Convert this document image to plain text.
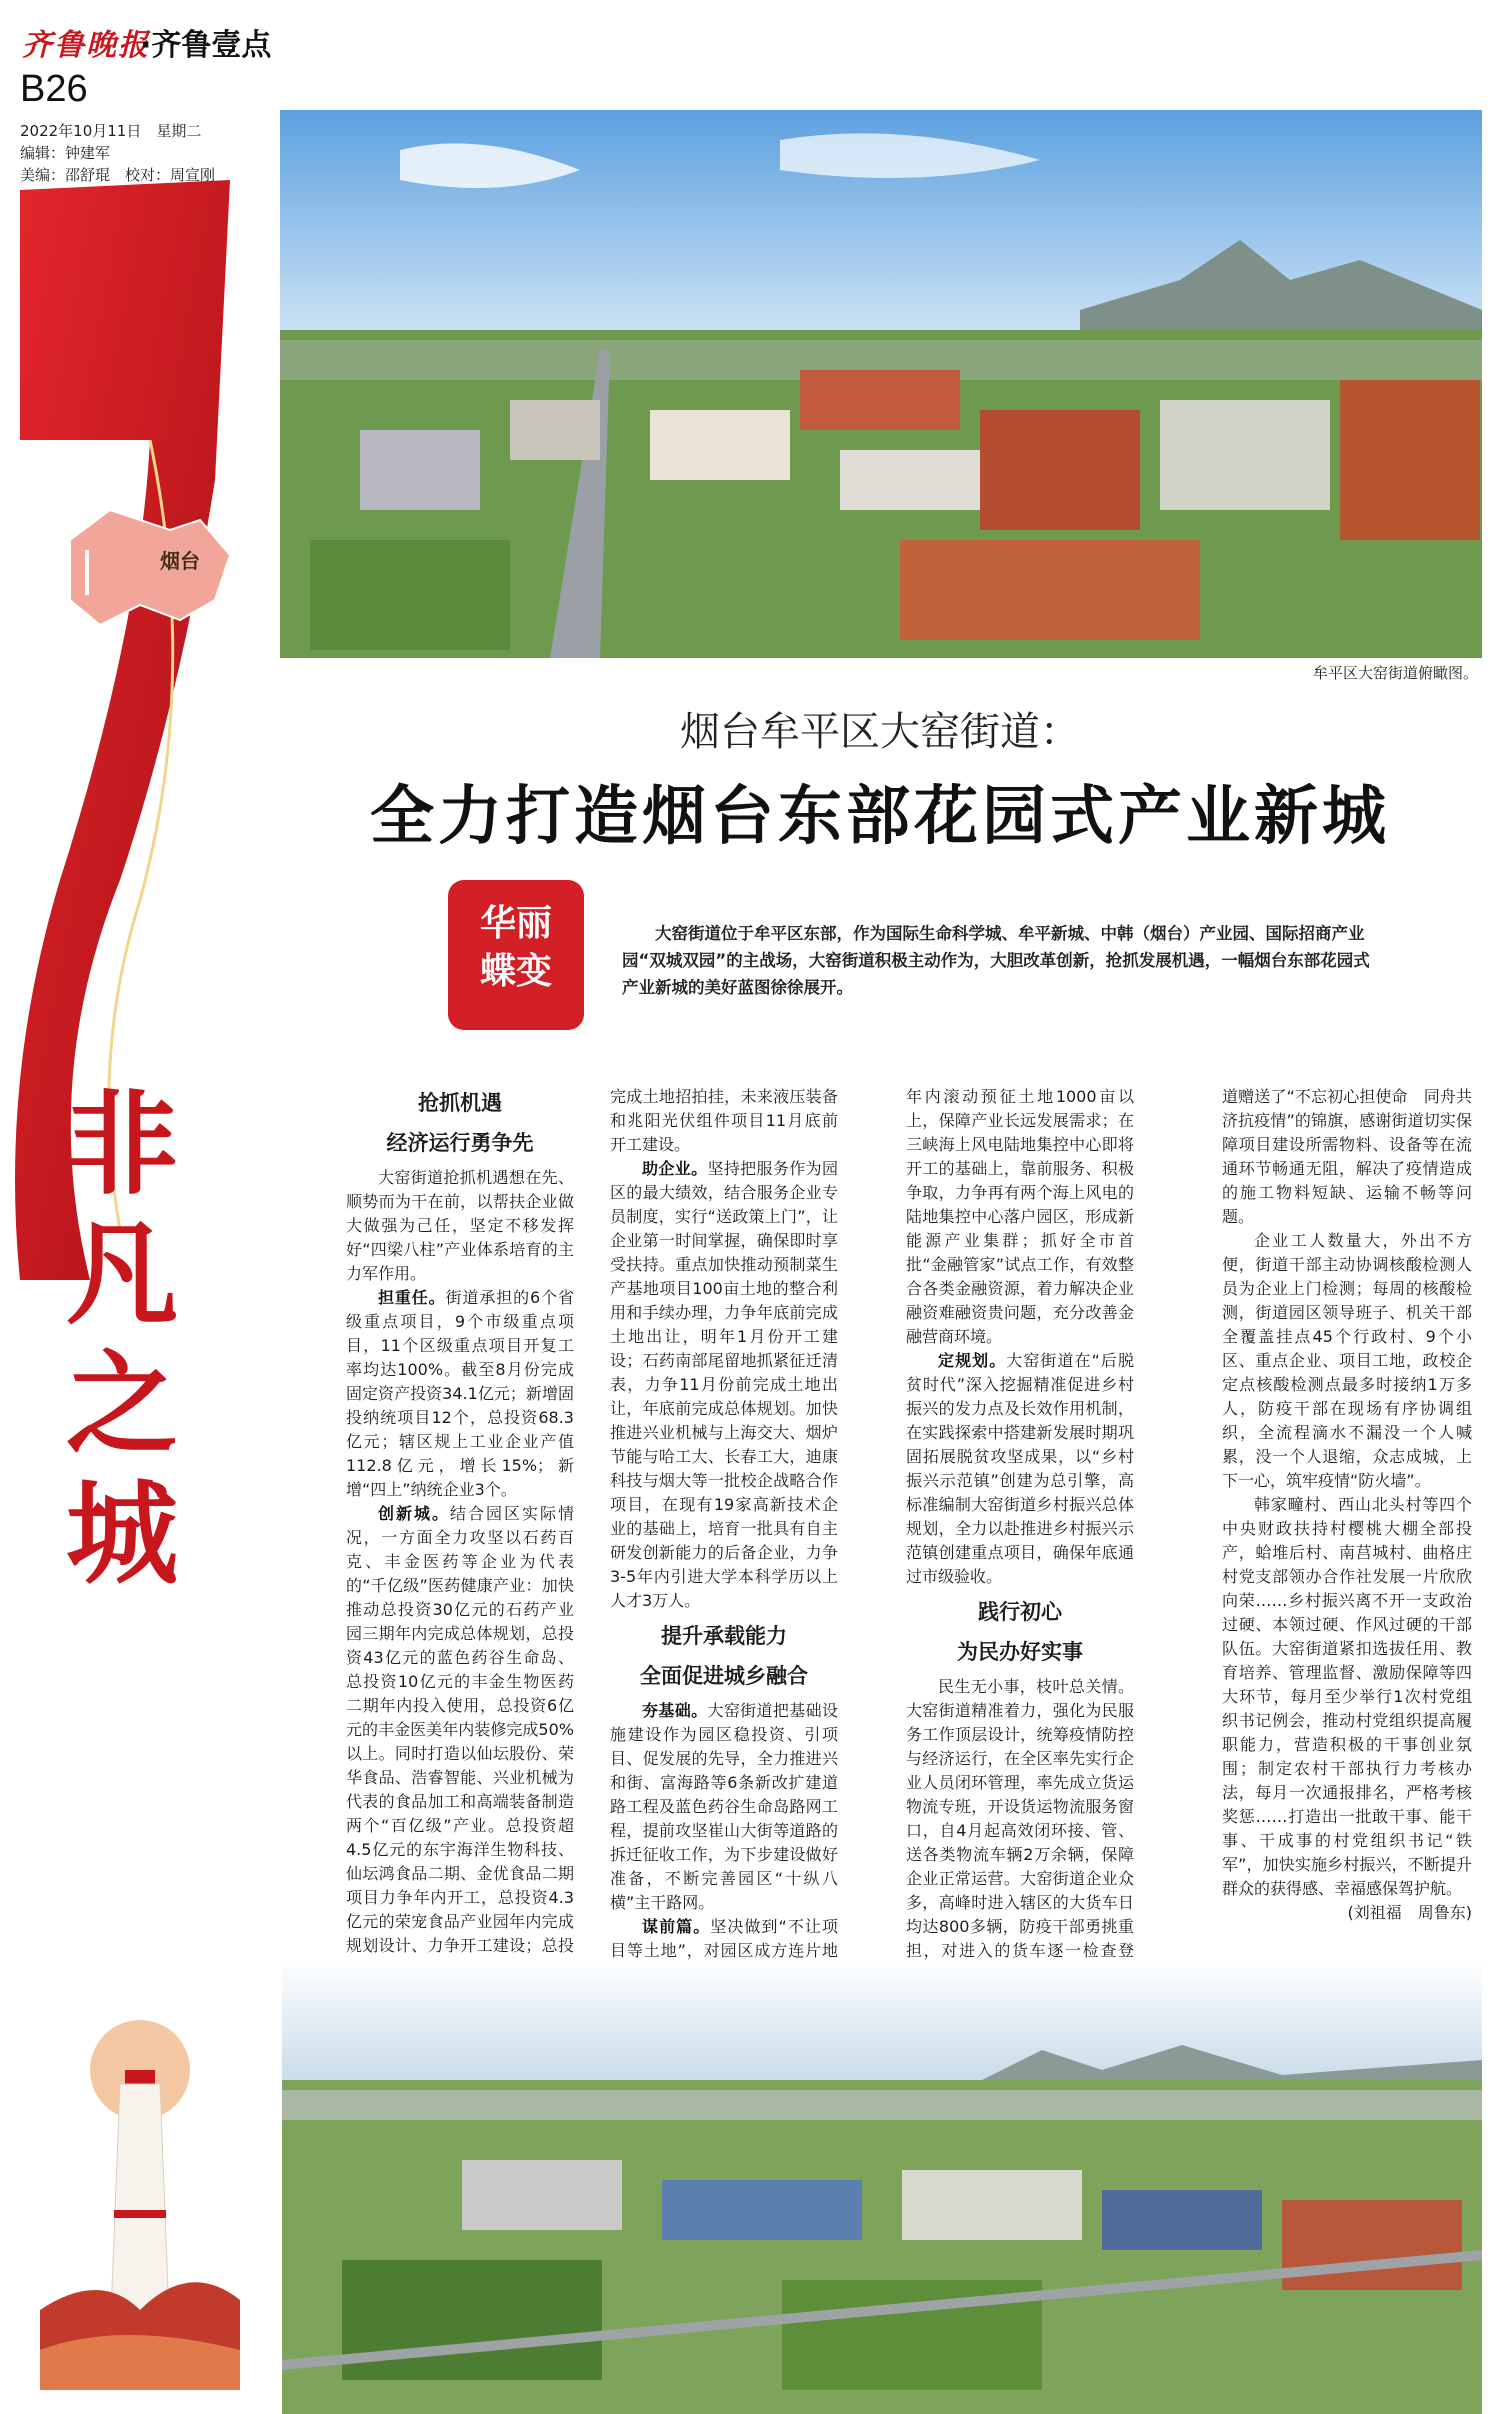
齐鲁晚报
·齐鲁壹点
B26
2022年10月11日　星期二
编辑：钟建军
美编：邵舒琨　校对：周宣刚
烟台
牟平区大窑街道俯瞰图。
烟台牟平区大窑街道：
全力打造烟台东部花园式产业新城
华丽
蝶变
大窑街道位于牟平区东部，作为国际生命科学城、牟平新城、中韩（烟台）产业园、国际招商产业园“双城双园”的主战场，大窑街道积极主动作为，大胆改革创新，抢抓发展机遇，一幅烟台东部花园式产业新城的美好蓝图徐徐展开。
非凡之城

抢抓机遇

经济运行勇争先

大窑街道抢抓机遇想在先、顺势而为干在前，以帮扶企业做大做强为己任，坚定不移发挥好“四梁八柱”产业体系培育的主力军作用。

担重任。街道承担的6个省级重点项目，9个市级重点项目，11个区级重点项目开复工率均达100%。截至8月份完成固定资产投资34.1亿元；新增固投纳统项目12个，总投资68.3亿元；辖区规上工业企业产值112.8亿元，增长15%；新增“四上”纳统企业3个。

创新城。结合园区实际情况，一方面全力攻坚以石药百克、丰金医药等企业为代表的“千亿级”医药健康产业：加快推动总投资30亿元的石药产业园三期年内完成总体规划，总投资43亿元的蓝色药谷生命岛、总投资10亿元的丰金生物医药二期年内投入使用，总投资6亿元的丰金医美年内装修完成50%以上。同时打造以仙坛股份、荣华食品、浩睿智能、兴业机械为代表的食品加工和高端装备制造两个“百亿级”产业。总投资超4.5亿元的东宇海洋生物科技、仙坛鸿食品二期、金优食品二期项目力争年内开工，总投资4.3亿元的荣宠食品产业园年内完成规划设计、力争开工建设；总投

完成土地招拍挂，未来液压装备和兆阳光伏组件项目11月底前开工建设。

助企业。坚持把服务作为园区的最大绩效，结合服务企业专员制度，实行“送政策上门”，让企业第一时间掌握，确保即时享受扶持。重点加快推动预制菜生产基地项目100亩土地的整合利用和手续办理，力争年底前完成土地出让，明年1月份开工建设；石药南部尾留地抓紧征迁清表，力争11月份前完成土地出让，年底前完成总体规划。加快推进兴业机械与上海交大、烟炉节能与哈工大、长春工大，迪康科技与烟大等一批校企战略合作项目，在现有19家高新技术企业的基础上，培育一批具有自主研发创新能力的后备企业，力争3-5年内引进大学本科学历以上人才3万人。

提升承载能力

全面促进城乡融合

夯基础。大窑街道把基础设施建设作为园区稳投资、引项目、促发展的先导，全力推进兴和街、富海路等6条新改扩建道路工程及蓝色药谷生命岛路网工程，提前攻坚崔山大街等道路的拆迁征收工作，为下步建设做好准备，不断完善园区“十纵八横”主干路网。

谋前篇。坚决做到“不让项目等土地”，对园区成方连片地

年内滚动预征土地1000亩以上，保障产业长远发展需求；在三峡海上风电陆地集控中心即将开工的基础上，靠前服务、积极争取，力争再有两个海上风电的陆地集控中心落户园区，形成新能源产业集群；抓好全市首批“金融管家”试点工作，有效整合各类金融资源，着力解决企业融资难融资贵问题，充分改善金融营商环境。

定规划。大窑街道在“后脱贫时代”深入挖掘精准促进乡村振兴的发力点及长效作用机制，在实践探索中搭建新发展时期巩固拓展脱贫攻坚成果，以“乡村振兴示范镇”创建为总引擎，高标准编制大窑街道乡村振兴总体规划，全力以赴推进乡村振兴示范镇创建重点项目，确保年底通过市级验收。

践行初心

为民办好实事

民生无小事，枝叶总关情。大窑街道精准着力，强化为民服务工作顶层设计，统筹疫情防控与经济运行，在全区率先实行企业人员闭环管理，率先成立货运物流专班，开设货运物流服务窗口，自4月起高效闭环接、管、送各类物流车辆2万余辆，保障企业正常运营。大窑街道企业众多，高峰时进入辖区的大货车日均达800多辆，防疫干部勇挑重担，对进入的货车逐一检查登

道赠送了“不忘初心担使命　同舟共济抗疫情”的锦旗，感谢街道切实保障项目建设所需物料、设备等在流通环节畅通无阻，解决了疫情造成的施工物料短缺、运输不畅等问题。

企业工人数量大，外出不方便，街道干部主动协调核酸检测人员为企业上门检测；每周的核酸检测，街道园区领导班子、机关干部全覆盖挂点45个行政村、9个小区、重点企业、项目工地，政校企定点核酸检测点最多时接纳1万多人，防疫干部在现场有序协调组织，全流程滴水不漏没一个人喊累，没一个人退缩，众志成城，上下一心，筑牢疫情“防火墙”。

韩家疃村、西山北头村等四个中央财政扶持村樱桃大棚全部投产，蛤堆后村、南莒城村、曲格庄村党支部领办合作社发展一片欣欣向荣……乡村振兴离不开一支政治过硬、本领过硬、作风过硬的干部队伍。大窑街道紧扣选拔任用、教育培养、管理监督、激励保障等四大环节，每月至少举行1次村党组织书记例会，推动村党组织提高履职能力，营造积极的干事创业氛围；制定农村干部执行力考核办法，每月一次通报排名，严格考核奖惩……打造出一批敢干事、能干事、干成事的村党组织书记“铁军”，加快实施乡村振兴，不断提升群众的获得感、幸福感保驾护航。

(刘祖福　周鲁东)
